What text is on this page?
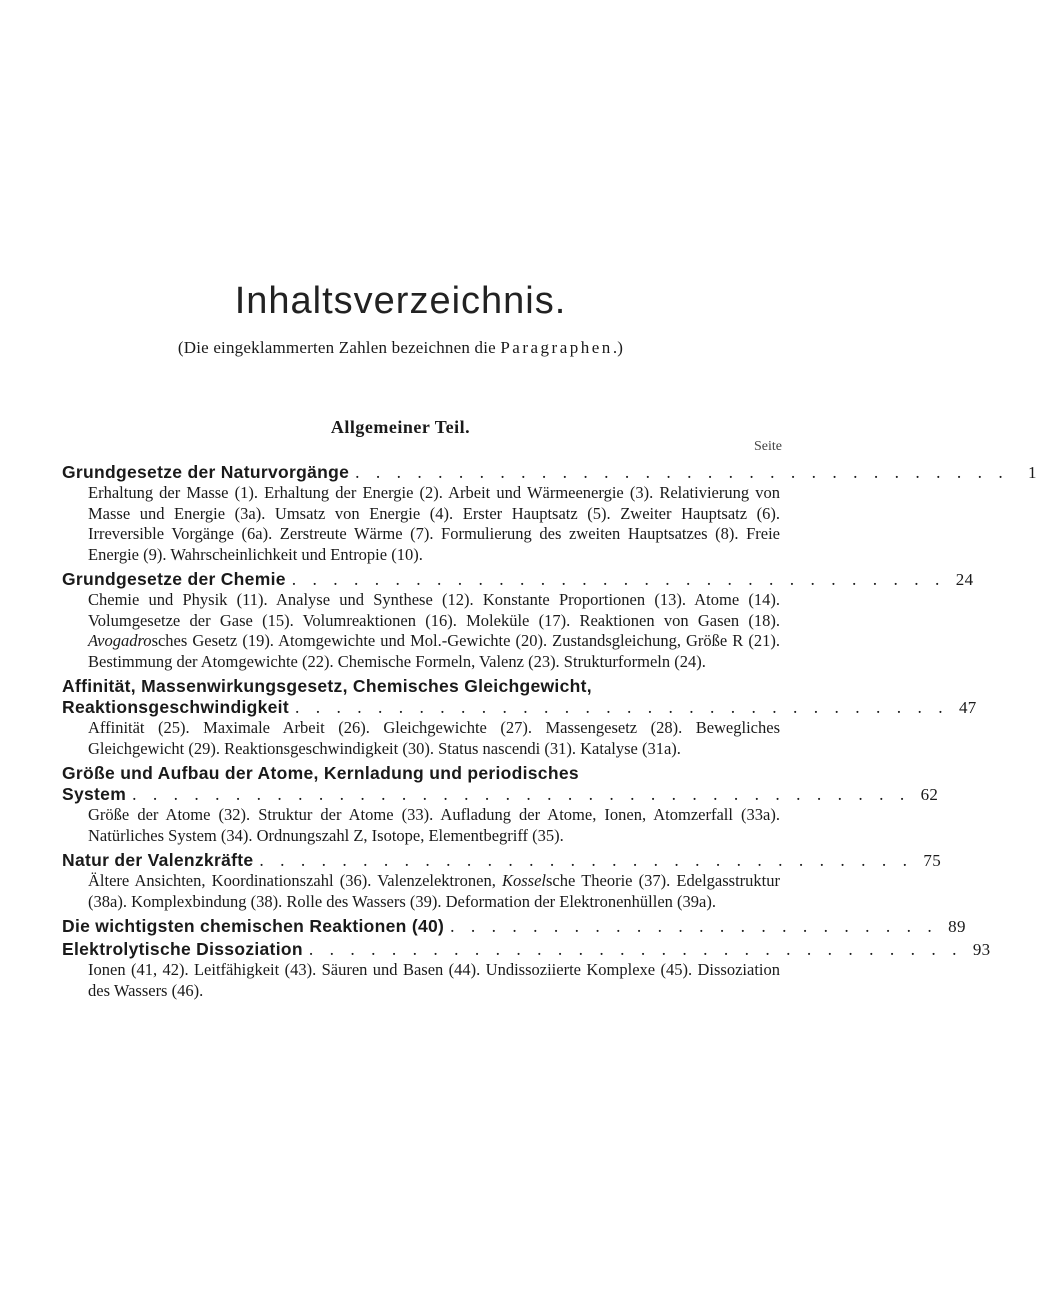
Inhaltsverzeichnis.
(Die eingeklammerten Zahlen bezeichnen die Paragraphen.)
Allgemeiner Teil.
Seite
Grundgesetze der Naturvorgänge . . . . . . . . . . . . . . . . . . . . . . . . . . . . . . . .	1

Erhaltung der Masse (1). Erhaltung der Energie (2). Arbeit und Wärmeenergie (3). Relativierung von Masse und Energie (3a). Umsatz von Energie (4). Erster Hauptsatz (5). Zweiter Hauptsatz (6). Irreversible Vorgänge (6a). Zerstreute Wärme (7). Formulierung des zweiten Hauptsatzes (8). Freie Energie (9). Wahrscheinlichkeit und Entropie (10).

Grundgesetze der Chemie . . . . . . . . . . . . . . . . . . . . . . . . . . . . . . . . 24

Chemie und Physik (11). Analyse und Synthese (12). Konstante Proportionen (13). Atome (14). Volumgesetze der Gase (15). Volumreaktionen (16). Moleküle (17). Reaktionen von Gasen (18). Avogadrosches Gesetz (19). Atomgewichte und Mol.-Gewichte (20). Zustandsgleichung, Größe R (21). Bestimmung der Atomgewichte (22). Chemische Formeln, Valenz (23). Strukturformeln (24).

Affinität, Massenwirkungsgesetz, Chemisches Gleichgewicht,
Reaktionsgeschwindigkeit . . . . . . . . . . . . . . . . . . . . . . . . . . . . . . . . 47

Affinität (25). Maximale Arbeit (26). Gleichgewichte (27). Massengesetz (28). Bewegliches Gleichgewicht (29). Reaktionsgeschwindigkeit (30). Status nascendi (31). Katalyse (31a).

Größe und Aufbau der Atome, Kernladung und periodisches
System . . . . . . . . . . . . . . . . . . . . . . . . . . . . . . . . . . . . . . 62

Größe der Atome (32). Struktur der Atome (33). Aufladung der Atome, Ionen, Atomzerfall (33a). Natürliches System (34). Ordnungszahl Z, Isotope, Elementbegriff (35).

Natur der Valenzkräfte . . . . . . . . . . . . . . . . . . . . . . . . . . . . . . . . 75

Ältere Ansichten, Koordinationszahl (36). Valenzelektronen, Kosselsche Theorie (37). Edelgasstruktur (38a). Komplexbindung (38). Rolle des Wassers (39). Deformation der Elektronenhüllen (39a).

Die wichtigsten chemischen Reaktionen (40) . . . . . . . . . . . . . . . . . . . . . . . . 89
Elektrolytische Dissoziation . . . . . . . . . . . . . . . . . . . . . . . . . . . . . . . . 93

Ionen (41, 42). Leitfähigkeit (43). Säuren und Basen (44). Undissoziierte Komplexe (45). Dissoziation des Wassers (46).
